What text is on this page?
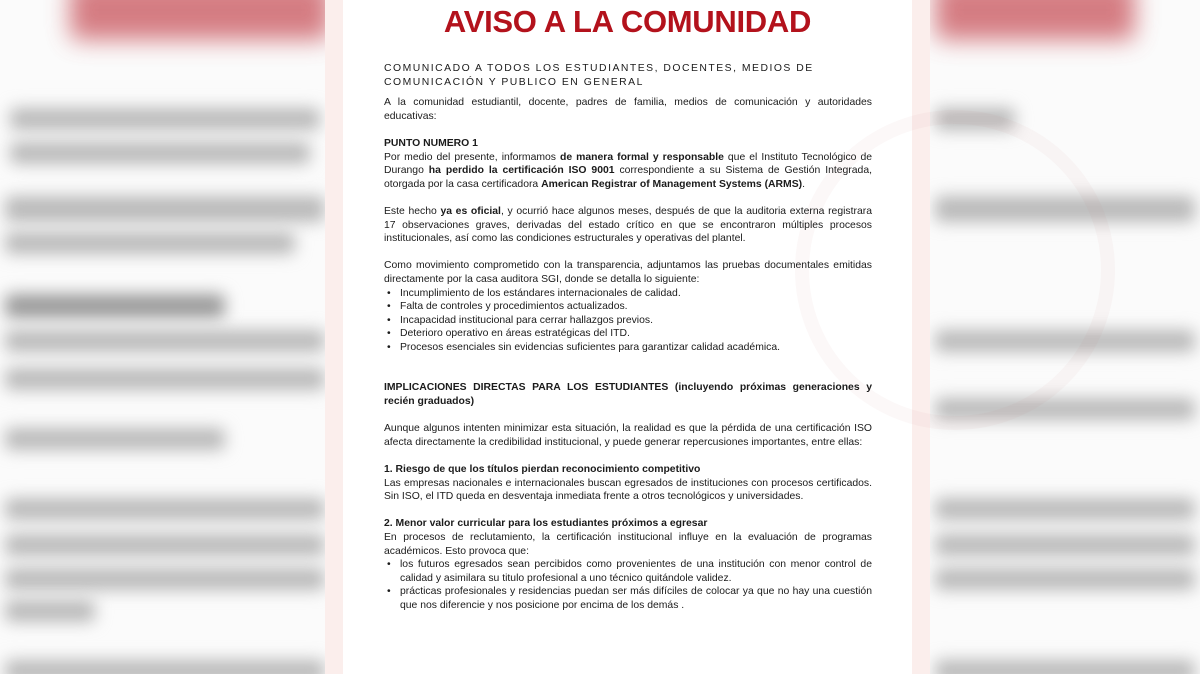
AVISO A LA COMUNIDAD
COMUNICADO A TODOS LOS ESTUDIANTES, DOCENTES, MEDIOS DE
COMUNICACIÓN Y PUBLICO EN GENERAL

A la comunidad estudiantil, docente, padres de familia, medios de comunicación y autoridades educativas:

PUNTO NUMERO 1

Por medio del presente, informamos de manera formal y responsable que el Instituto Tecnológico de Durango ha perdido la certificación ISO 9001 correspondiente a su Sistema de Gestión Integrada, otorgada por la casa certificadora American Registrar of Management Systems (ARMS).

Este hecho ya es oficial, y ocurrió hace algunos meses, después de que la auditoria externa registrara 17 observaciones graves, derivadas del estado crítico en que se encontraron múltiples procesos institucionales, así como las condiciones estructurales y operativas del plantel.

Como movimiento comprometido con la transparencia, adjuntamos las pruebas documentales emitidas directamente por la casa auditora SGI, donde se detalla lo siguiente:

• Incumplimiento de los estándares internacionales de calidad.
• Falta de controles y procedimientos actualizados.
• Incapacidad institucional para cerrar hallazgos previos.
• Deterioro operativo en áreas estratégicas del ITD.
• Procesos esenciales sin evidencias suficientes para garantizar calidad académica.

IMPLICACIONES DIRECTAS PARA LOS ESTUDIANTES (incluyendo próximas generaciones y recién graduados)

Aunque algunos intenten minimizar esta situación, la realidad es que la pérdida de una certificación ISO afecta directamente la credibilidad institucional, y puede generar repercusiones importantes, entre ellas:

1. Riesgo de que los títulos pierdan reconocimiento competitivo

Las empresas nacionales e internacionales buscan egresados de instituciones con procesos certificados. Sin ISO, el ITD queda en desventaja inmediata frente a otros tecnológicos y universidades.

2. Menor valor curricular para los estudiantes próximos a egresar

En procesos de reclutamiento, la certificación institucional influye en la evaluación de programas académicos. Esto provoca que:

• los futuros egresados sean percibidos como provenientes de una institución con menor control de calidad y asimilara su titulo profesional a uno técnico quitándole validez.
• prácticas profesionales y residencias puedan ser más difíciles de colocar ya que no hay una cuestión que nos diferencie y nos posicione por encima de los demás .
